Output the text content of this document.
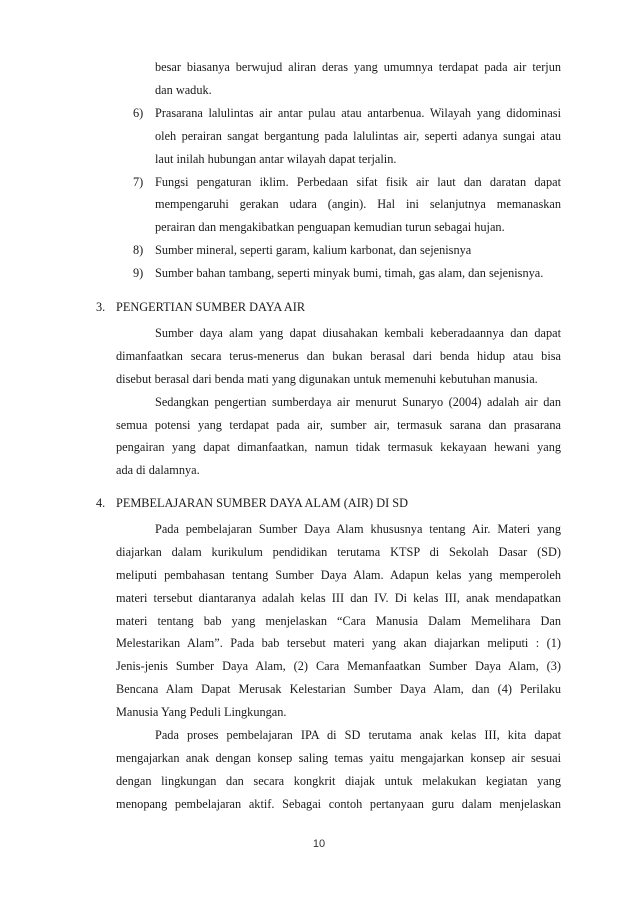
besar biasanya berwujud aliran deras yang umumnya terdapat pada air terjun
dan waduk.
6) Prasarana lalulintas air antar pulau atau antarbenua. Wilayah yang didominasi
oleh perairan sangat bergantung pada lalulintas air, seperti adanya sungai atau
laut inilah hubungan antar wilayah dapat terjalin.
7) Fungsi pengaturan iklim. Perbedaan sifat fisik air laut dan daratan dapat
mempengaruhi gerakan udara (angin). Hal ini selanjutnya memanaskan
perairan dan mengakibatkan penguapan kemudian turun sebagai hujan.
8) Sumber mineral, seperti garam, kalium karbonat, dan sejenisnya
9) Sumber bahan tambang, seperti minyak bumi, timah, gas alam, dan sejenisnya.
3. PENGERTIAN SUMBER DAYA AIR
Sumber daya alam yang dapat diusahakan kembali keberadaannya dan dapat
dimanfaatkan secara terus-menerus dan bukan berasal dari benda hidup atau bisa
disebut berasal dari benda mati yang digunakan untuk memenuhi kebutuhan manusia.
Sedangkan pengertian sumberdaya air menurut Sunaryo (2004) adalah air dan
semua potensi yang terdapat pada air, sumber air, termasuk sarana dan prasarana
pengairan yang dapat dimanfaatkan, namun tidak termasuk kekayaan hewani yang
ada di dalamnya.
4. PEMBELAJARAN SUMBER DAYA ALAM (AIR) DI SD
Pada pembelajaran Sumber Daya Alam khususnya tentang Air. Materi yang
diajarkan dalam kurikulum pendidikan terutama KTSP di Sekolah Dasar (SD)
meliputi pembahasan tentang Sumber Daya Alam. Adapun kelas yang memperoleh
materi tersebut diantaranya adalah kelas III dan IV. Di kelas III, anak mendapatkan
materi tentang bab yang menjelaskan “Cara Manusia Dalam Memelihara Dan
Melestarikan Alam”. Pada bab tersebut materi yang akan diajarkan meliputi : (1)
Jenis-jenis Sumber Daya Alam, (2) Cara Memanfaatkan Sumber Daya Alam, (3)
Bencana Alam Dapat Merusak Kelestarian Sumber Daya Alam, dan (4) Perilaku
Manusia Yang Peduli Lingkungan.
Pada proses pembelajaran IPA di SD terutama anak kelas III, kita dapat
mengajarkan anak dengan konsep saling temas yaitu mengajarkan konsep air sesuai
dengan lingkungan dan secara kongkrit diajak untuk melakukan kegiatan yang
menopang pembelajaran aktif. Sebagai contoh pertanyaan guru dalam menjelaskan
10
